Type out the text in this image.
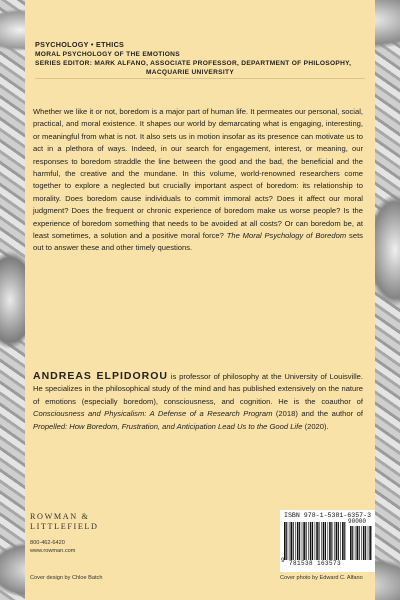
PSYCHOLOGY • ETHICS
MORAL PSYCHOLOGY OF THE EMOTIONS
SERIES EDITOR: MARK ALFANO, ASSOCIATE PROFESSOR, DEPARTMENT OF PHILOSOPHY,
MACQUARIE UNIVERSITY
Whether we like it or not, boredom is a major part of human life. It permeates our personal, social, practical, and moral existence. It shapes our world by demarcating what is engaging, interesting, or meaningful from what is not. It also sets us in motion insofar as its presence can motivate us to act in a plethora of ways. Indeed, in our search for engagement, interest, or meaning, our responses to boredom straddle the line between the good and the bad, the beneficial and the harmful, the creative and the mundane. In this volume, world-renowned researchers come together to explore a neglected but crucially important aspect of boredom: its relationship to morality. Does boredom cause individuals to commit immoral acts? Does it affect our moral judgment? Does the frequent or chronic experience of boredom make us worse people? Is the experience of boredom something that needs to be avoided at all costs? Or can boredom be, at least sometimes, a solution and a positive moral force? The Moral Psychology of Boredom sets out to answer these and other timely questions.
ANDREAS ELPIDOROU is professor of philosophy at the University of Louisville. He specializes in the philosophical study of the mind and has published extensively on the nature of emotions (especially boredom), consciousness, and cognition. He is the coauthor of Consciousness and Physicalism: A Defense of a Research Program (2018) and the author of Propelled: How Boredom, Frustration, and Anticipation Lead Us to the Good Life (2020).
ROWMAN &
LITTLEFIELD
800-462-6420
www.rowman.com
ISBN 978-1-5381-6357-3
90000
9 781538 163573
Cover design by Chloe Batch	Cover photo by Edward C. Alfano
